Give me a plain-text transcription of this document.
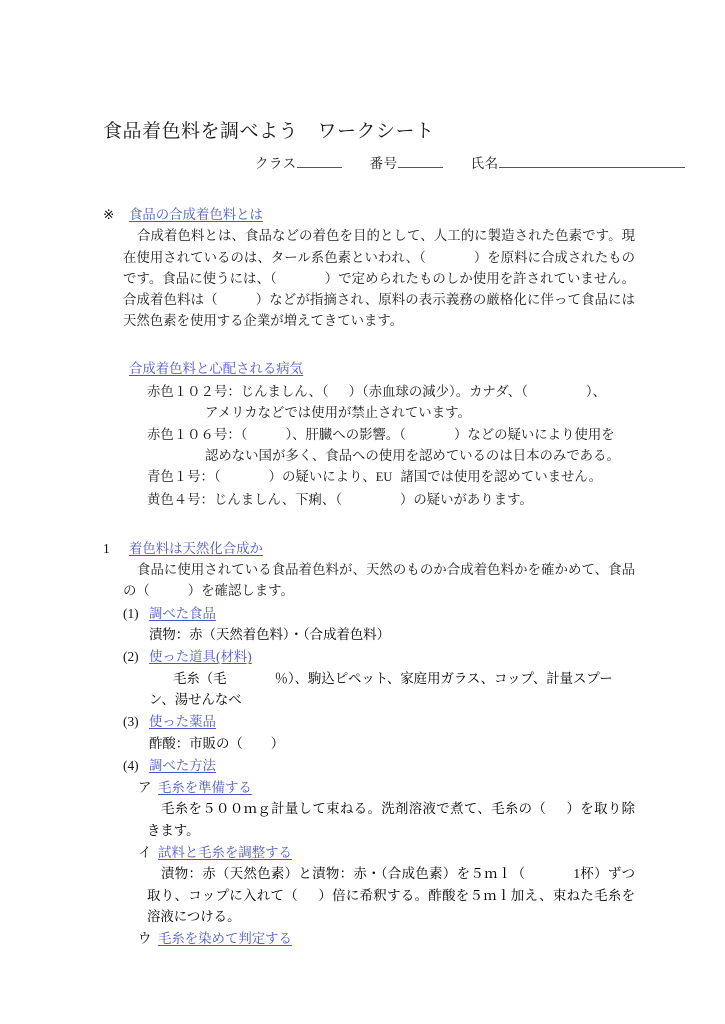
食品着色料を調べよう　ワークシート
クラス	番号	氏名
※ 食品の合成着色料とは

合成着色料とは、食品などの着色を目的として、人工的に製造された色素です。現在使用されているのは、タール系色素といわれ、（	）を原料に合成されたものです。食品に使うには、（	）で定められたものしか使用を許されていません。合成着色料は（	）などが指摘され、原料の表示義務の厳格化に伴って食品には天然色素を使用する企業が増えてきています。

合成着色料と心配される病気
赤色１０２号：じんましん、（ ）（赤血球の減少）。カナダ、（	）、
アメリカなどでは使用が禁止されています。
赤色１０６号：（	）、肝臓への影響。（	）などの疑いにより使用を
認めない国が多く、食品への使用を認めているのは日本のみである。
青色１号：（	）の疑いにより、EU 諸国では使用を認めていません。
黄色４号：じんましん、下痢、（	）の疑いがあります。
1 着色料は天然化合成か

食品に使用されている食品着色料が、天然のものか合成着色料かを確かめて、食品の（	）を確認します。

(1) 調べた食品

漬物：赤（天然着色料）・（合成着色料）

(2) 使った道具(材料)

毛糸（毛	％）、駒込ピペット、家庭用ガラス、コップ、計量スプーン、湯せんなべ

(3) 使った薬品

酢酸：市販の（ ）

(4) 調べた方法
ア 毛糸を準備する

毛糸を５００ｍｇ計量して束ねる。洗剤溶液で煮て、毛糸の（ ）を取り除きます。

イ 試料と毛糸を調整する

漬物：赤（天然色素）と漬物：赤・（合成色素）を５ｍｌ（	1杯）ずつ取り、コップに入れて（ ）倍に希釈する。酢酸を５ｍｌ加え、束ねた毛糸を溶液につける。

ウ 毛糸を染めて判定する
